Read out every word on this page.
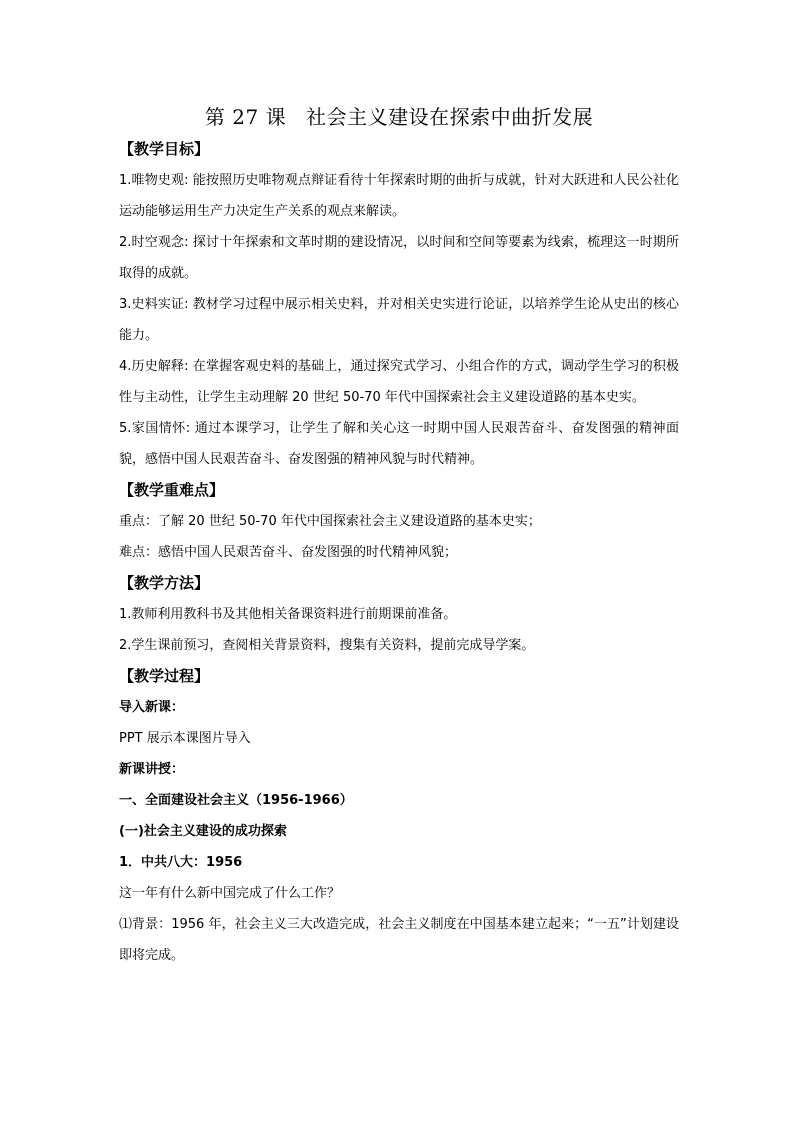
第 27 课 社会主义建设在探索中曲折发展
【教学目标】
1.唯物史观: 能按照历史唯物观点辩证看待十年探索时期的曲折与成就，针对大跃进和人民公社化运动能够运用生产力决定生产关系的观点来解读。
2.时空观念: 探讨十年探索和文革时期的建设情况，以时间和空间等要素为线索，梳理这一时期所取得的成就。
3.史料实证: 教材学习过程中展示相关史料，并对相关史实进行论证，以培养学生论从史出的核心能力。
4.历史解释: 在掌握客观史料的基础上，通过探究式学习、小组合作的方式，调动学生学习的积极性与主动性，让学生主动理解 20 世纪 50-70 年代中国探索社会主义建设道路的基本史实。
5.家国情怀: 通过本课学习，让学生了解和关心这一时期中国人民艰苦奋斗、奋发图强的精神面貌，感悟中国人民艰苦奋斗、奋发图强的精神风貌与时代精神。
【教学重难点】
重点：了解 20 世纪 50-70 年代中国探索社会主义建设道路的基本史实；
难点：感悟中国人民艰苦奋斗、奋发图强的时代精神风貌；
【教学方法】
1.教师利用教科书及其他相关备课资料进行前期课前准备。
2.学生课前预习，查阅相关背景资料，搜集有关资料，提前完成导学案。
【教学过程】
导入新课：
PPT 展示本课图片导入
新课讲授：
一、全面建设社会主义（1956-1966）
(一)社会主义建设的成功探索
1．中共八大：1956
这一年有什么新中国完成了什么工作？
⑴背景：1956 年，社会主义三大改造完成，社会主义制度在中国基本建立起来；“一五”计划建设即将完成。
